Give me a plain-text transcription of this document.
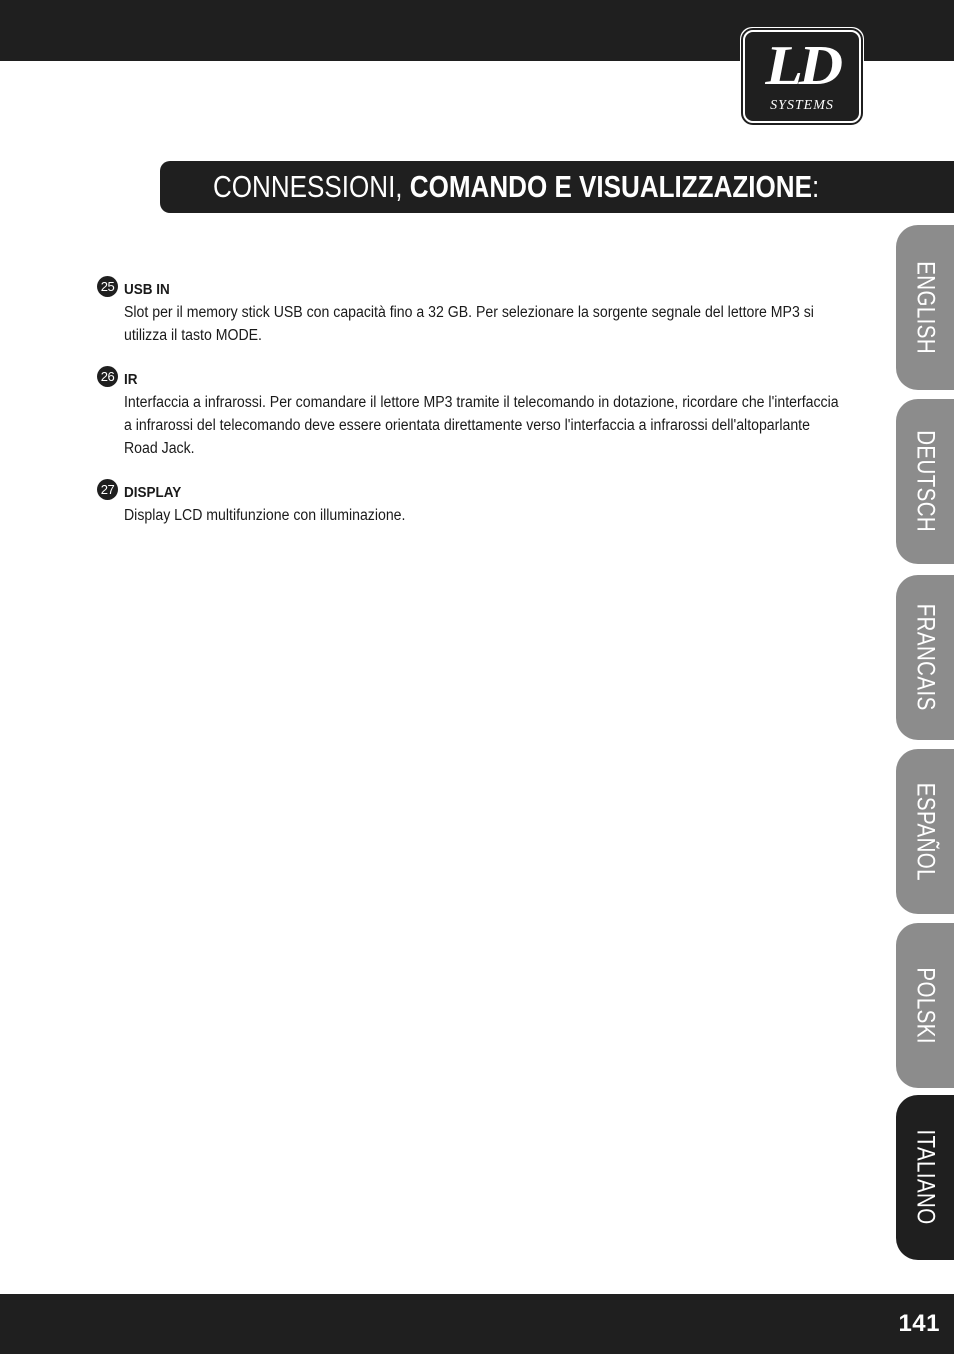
LD
SYSTEMS
CONNESSIONI, COMANDO E VISUALIZZAZIONE:
25 USB IN
Slot per il memory stick USB con capacità fino a 32 GB. Per selezionare la sorgente segnale del lettore MP3 si utilizza il tasto MODE.
26 IR
Interfaccia a infrarossi. Per comandare il lettore MP3 tramite il telecomando in dotazione, ricordare che l'interfaccia a infrarossi del telecomando deve essere orientata direttamente verso l'interfaccia a infrarossi dell'altoparlante Road Jack.
27 DISPLAY
Display LCD multifunzione con illuminazione.
ENGLISH
DEUTSCH
FRANCAIS
ESPAÑOL
POLSKI
ITALIANO
141
